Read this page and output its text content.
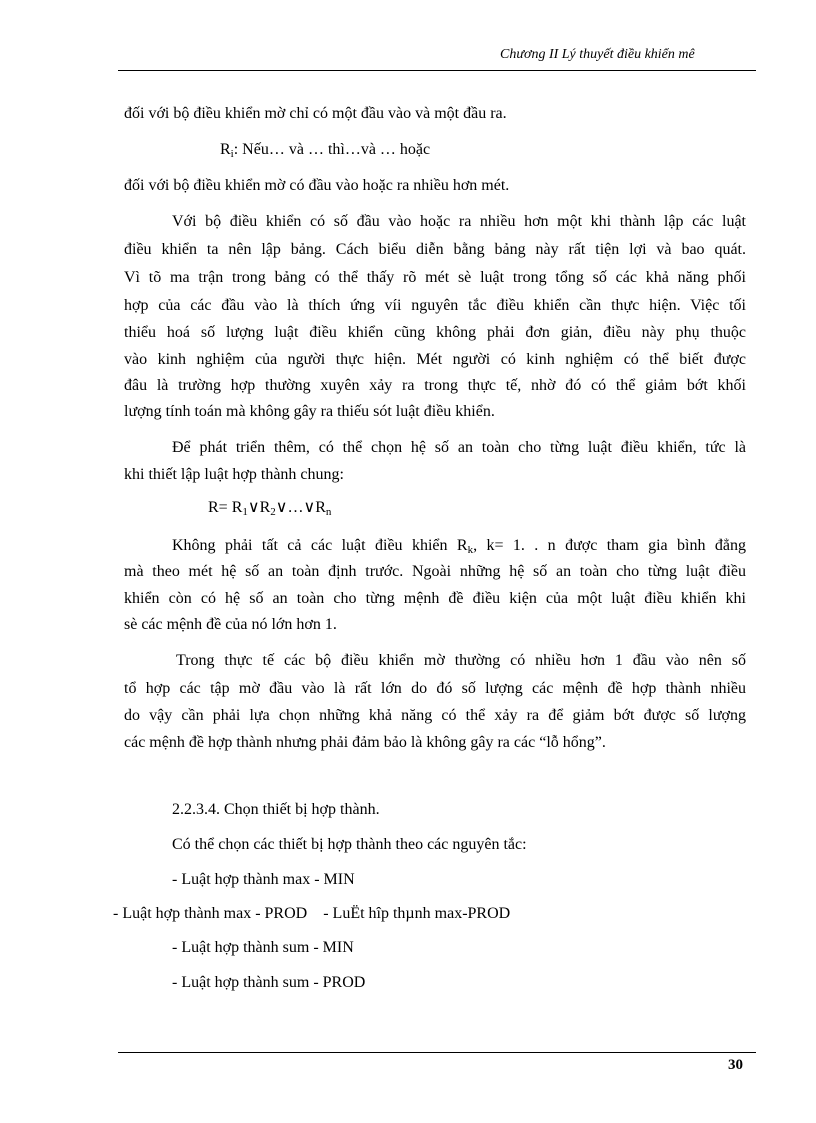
Chương II Lý thuyết điều khiển mê
đối với bộ điều khiển mờ chỉ có một đầu vào và một đầu ra.
$R_i$: Nếu… và … thì…và … hoặc
đối với bộ điều khiển mờ có đầu vào hoặc ra nhiều hơn mét.
Với bộ điều khiển có số đầu vào hoặc ra nhiều hơn một khi thành lập các luật
điều khiển ta nên lập bảng. Cách biểu diễn bằng bảng này rất tiện lợi và bao quát.
Vì tõ ma trận trong bảng có thể thấy rõ mét sè luật trong tổng số các khả năng phối
hợp của các đầu vào là thích ứng víi nguyên tắc điều khiển cần thực hiện. Việc tối
thiểu hoá số lượng luật điều khiển cũng không phải đơn giản, điều này phụ thuộc
vào kinh nghiệm của người thực hiện. Mét người có kinh nghiệm có thể biết được
đâu là trường hợp thường xuyên xảy ra trong thực tế, nhờ đó có thể giảm bớt khối
lượng tính toán mà không gây ra thiếu sót luật điều khiển.
Để phát triển thêm, có thể chọn hệ số an toàn cho từng luật điều khiển, tức là
khi thiết lập luật hợp thành chung:
$R= R_1\vee R_2\vee\dots\vee R_n$
Không phải tất cả các luật điều khiển $R_k$, k= 1. . n được tham gia bình đẳng
mà theo mét hệ số an toàn định trước. Ngoài những hệ số an toàn cho từng luật điều
khiển còn có hệ số an toàn cho từng mệnh đề điều kiện của một luật điều khiển khi
sè các mệnh đề của nó lớn hơn 1.
Trong thực tế các bộ điều khiển mờ thường có nhiều hơn 1 đầu vào nên số
tổ hợp các tập mờ đầu vào là rất lớn do đó số lượng các mệnh đề hợp thành nhiều
do vậy cần phải lựa chọn những khả năng có thể xảy ra để giảm bớt được số lượng
các mệnh đề hợp thành nhưng phải đảm bảo là không gây ra các “lỗ hổng”.
2.2.3.4. Chọn thiết bị hợp thành.
Có thể chọn các thiết bị hợp thành theo các nguyên tắc:
- Luật hợp thành max - MIN
- Luật hợp thành max - PROD    - LuËt hîp thµnh max-PROD
- Luật hợp thành sum - MIN
- Luật hợp thành sum - PROD
30
